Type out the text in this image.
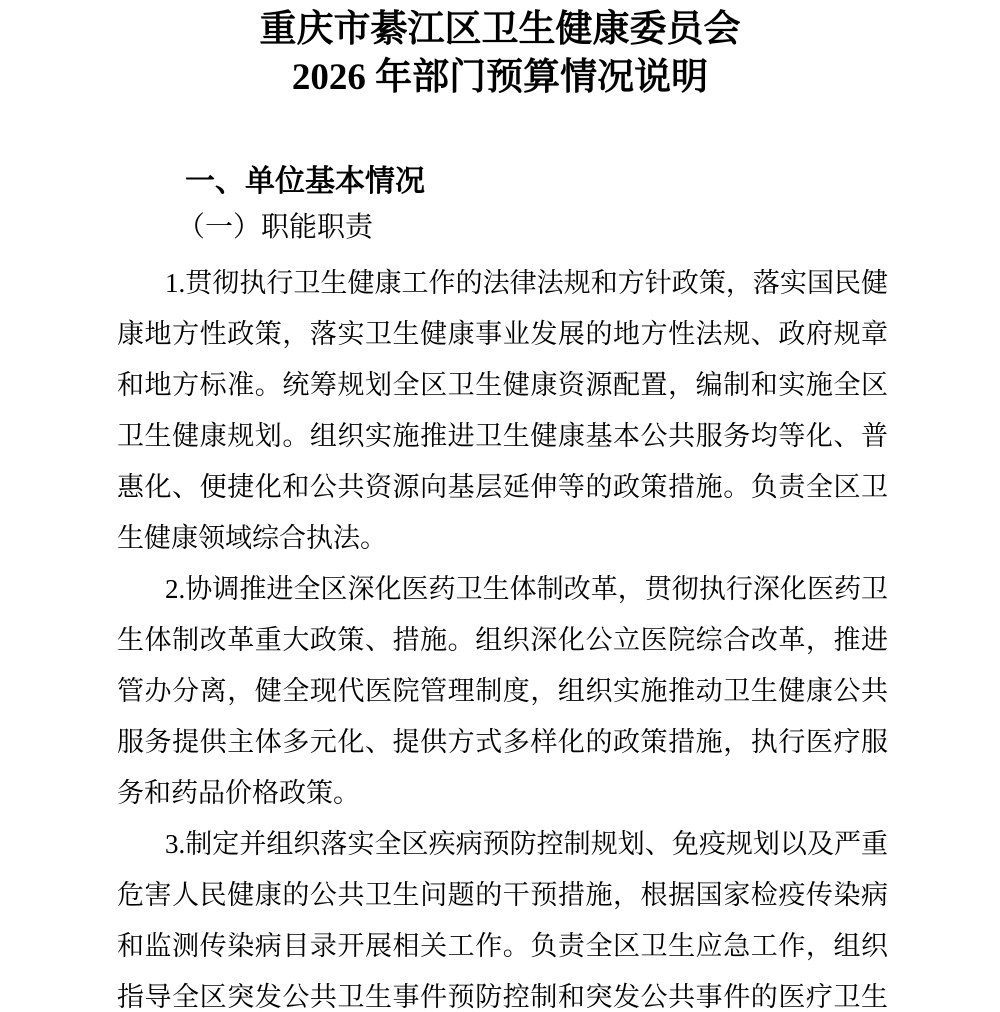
重庆市綦江区卫生健康委员会
2026 年部门预算情况说明
一、单位基本情况
（一）职能职责
1.贯彻执行卫生健康工作的法律法规和方针政策，落实国民健
康地方性政策，落实卫生健康事业发展的地方性法规、政府规章
和地方标准。统筹规划全区卫生健康资源配置，编制和实施全区
卫生健康规划。组织实施推进卫生健康基本公共服务均等化、普
惠化、便捷化和公共资源向基层延伸等的政策措施。负责全区卫
生健康领域综合执法。
2.协调推进全区深化医药卫生体制改革，贯彻执行深化医药卫
生体制改革重大政策、措施。组织深化公立医院综合改革，推进
管办分离，健全现代医院管理制度，组织实施推动卫生健康公共
服务提供主体多元化、提供方式多样化的政策措施，执行医疗服
务和药品价格政策。
3.制定并组织落实全区疾病预防控制规划、免疫规划以及严重
危害人民健康的公共卫生问题的干预措施，根据国家检疫传染病
和监测传染病目录开展相关工作。负责全区卫生应急工作，组织
指导全区突发公共卫生事件预防控制和突发公共事件的医疗卫生
